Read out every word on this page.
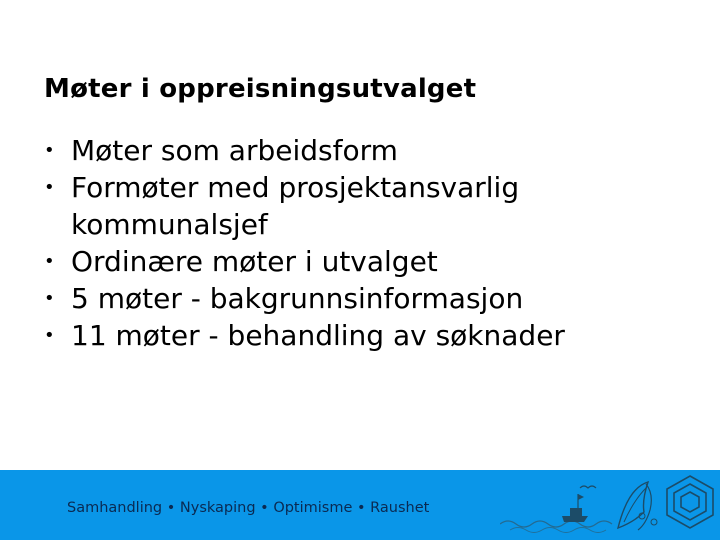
Møter i oppreisningsutvalget
• Møter som arbeidsform
• Formøter med prosjektansvarlig kommunalsjef
• Ordinære møter i utvalget
• 5 møter - bakgrunnsinformasjon
• 11 møter - behandling av søknader
Samhandling • Nyskaping • Optimisme • Raushet
